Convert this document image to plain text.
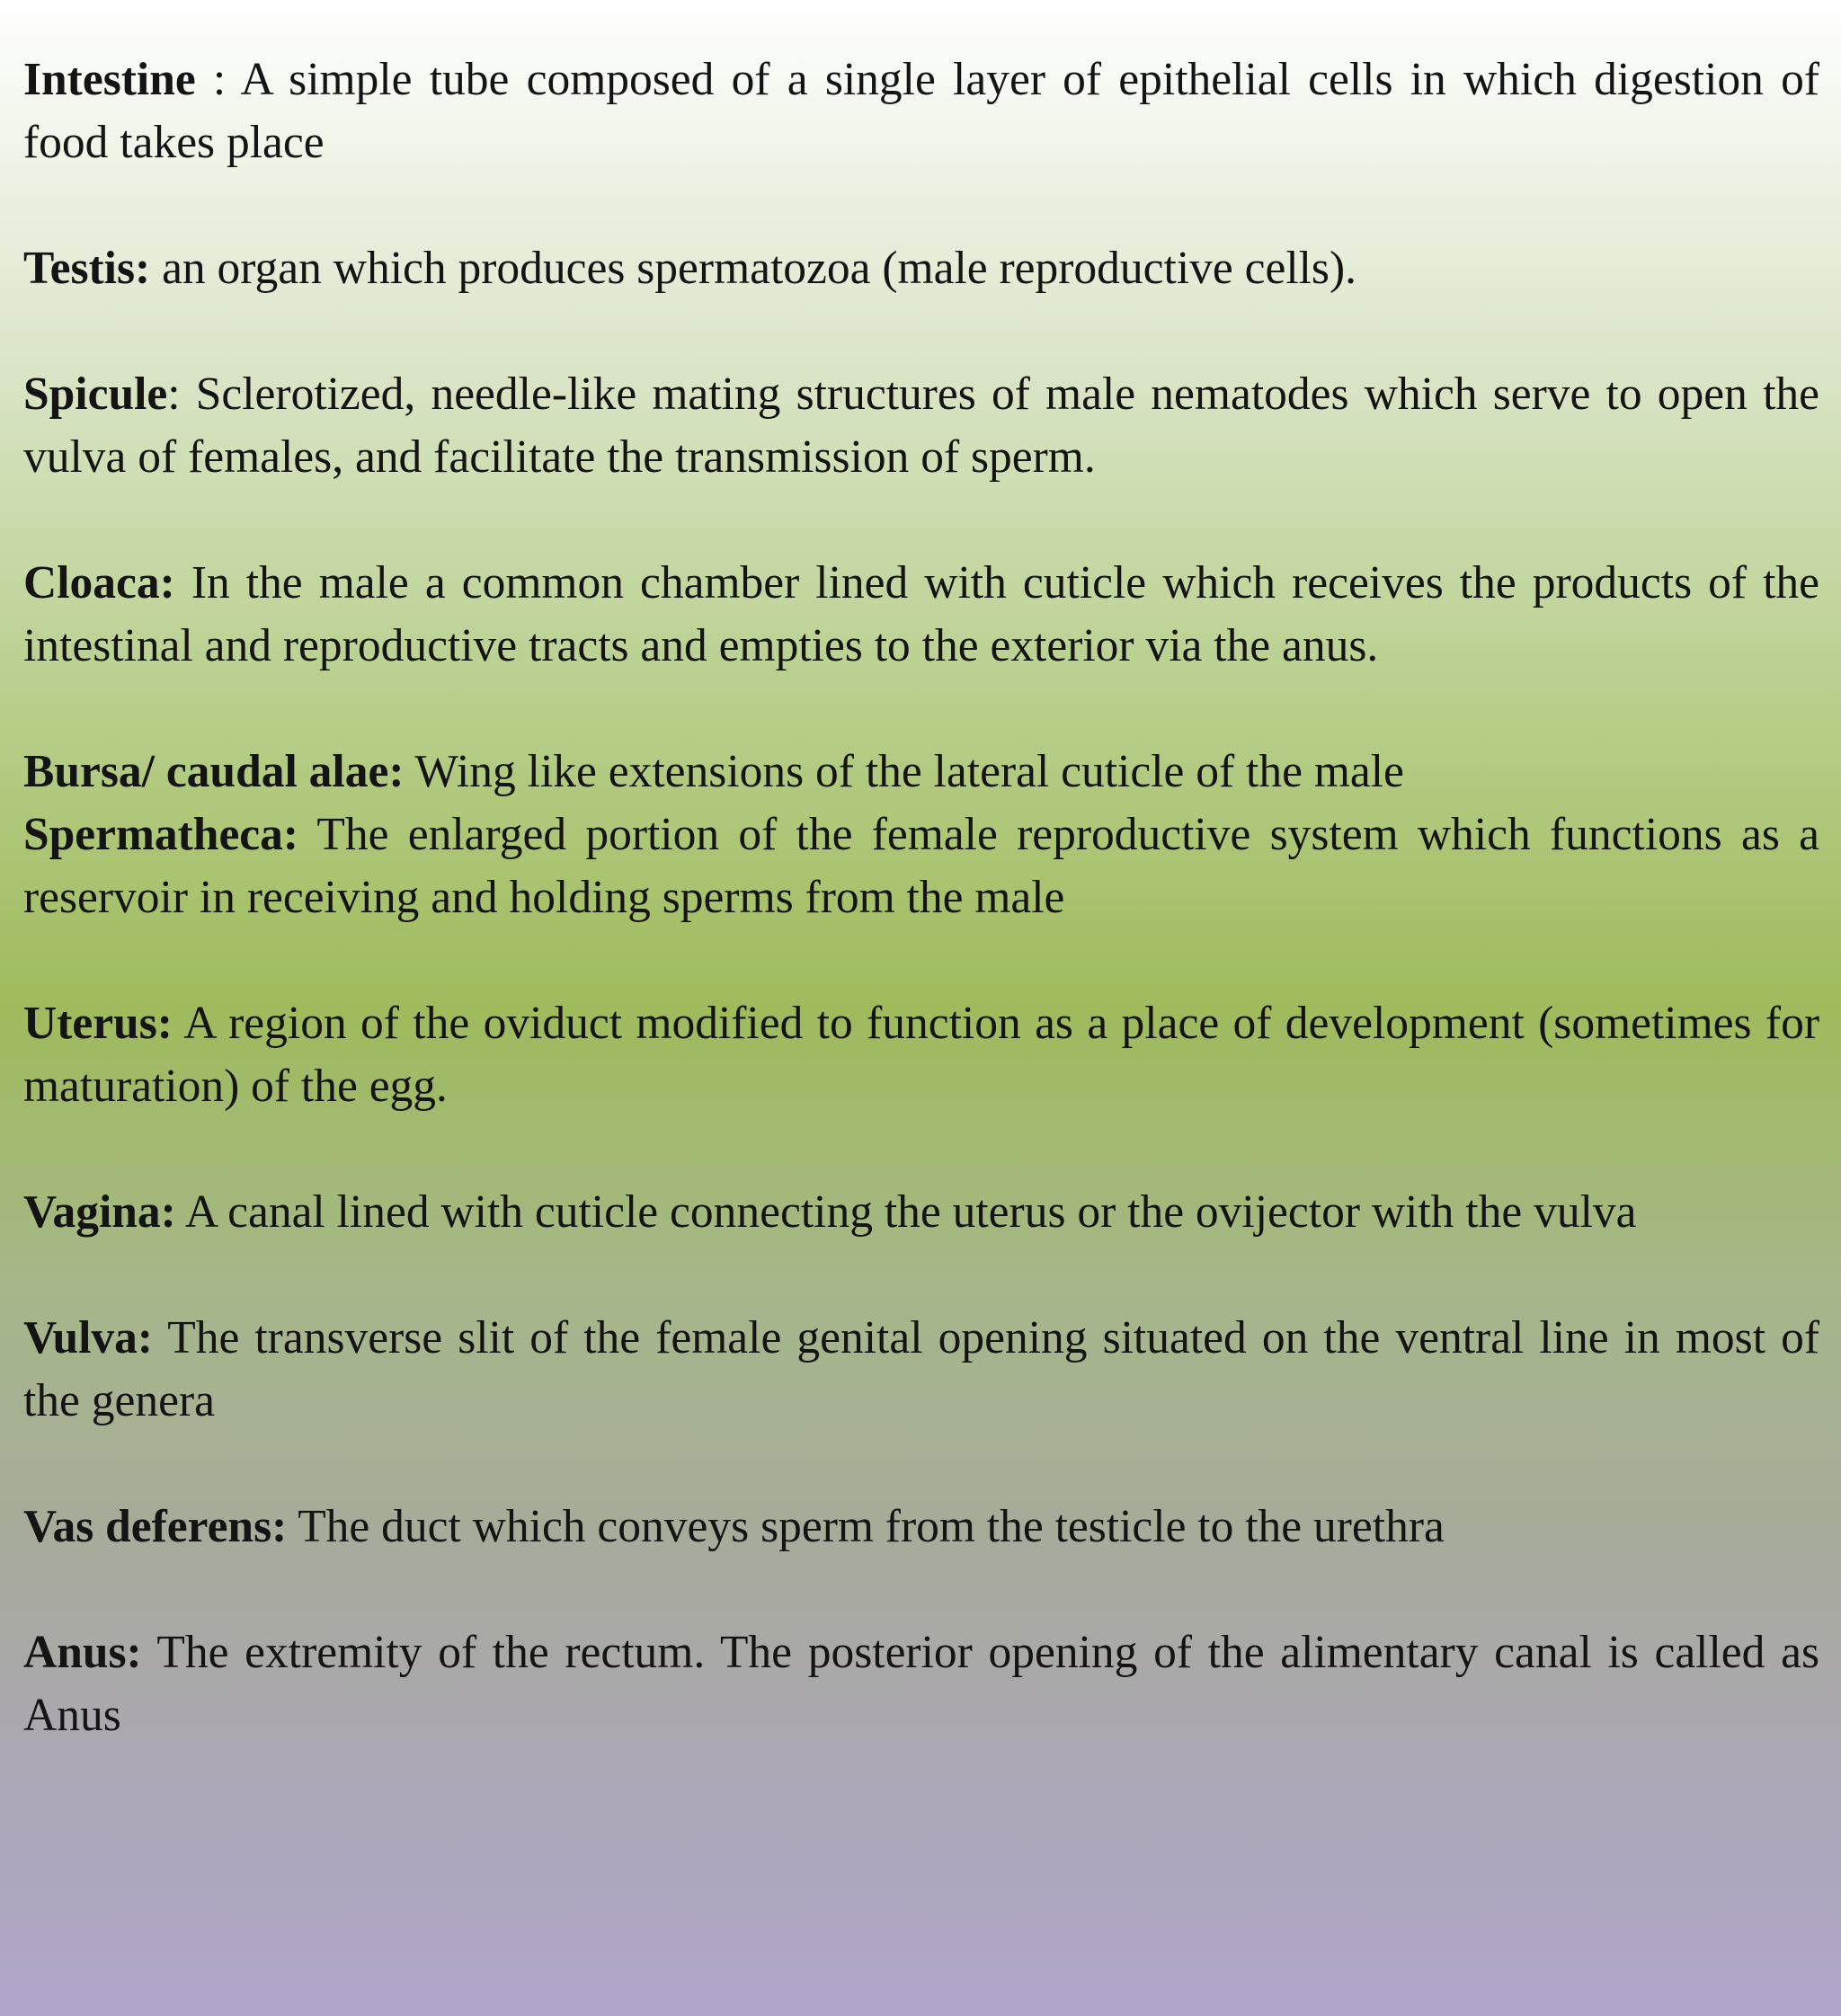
Intestine : A simple tube composed of a single layer of epithelial cells in which digestion of food takes place

Testis: an organ which produces spermatozoa (male reproductive cells).

Spicule: Sclerotized, needle-like mating structures of male nematodes which serve to open the vulva of females, and facilitate the transmission of sperm.

Cloaca: In the male a common chamber lined with cuticle which receives the products of the intestinal and reproductive tracts and empties to the exterior via the anus.

Bursa/ caudal alae: Wing like extensions of the lateral cuticle of the male

Spermatheca: The enlarged portion of the female reproductive system which functions as a reservoir in receiving and holding sperms from the male

Uterus: A region of the oviduct modified to function as a place of development (sometimes for maturation) of the egg.

Vagina: A canal lined with cuticle connecting the uterus or the ovijector with the vulva

Vulva: The transverse slit of the female genital opening situated on the ventral line in most of the genera

Vas deferens: The duct which conveys sperm from the testicle to the urethra

Anus: The extremity of the rectum. The posterior opening of the alimentary canal is called as Anus
